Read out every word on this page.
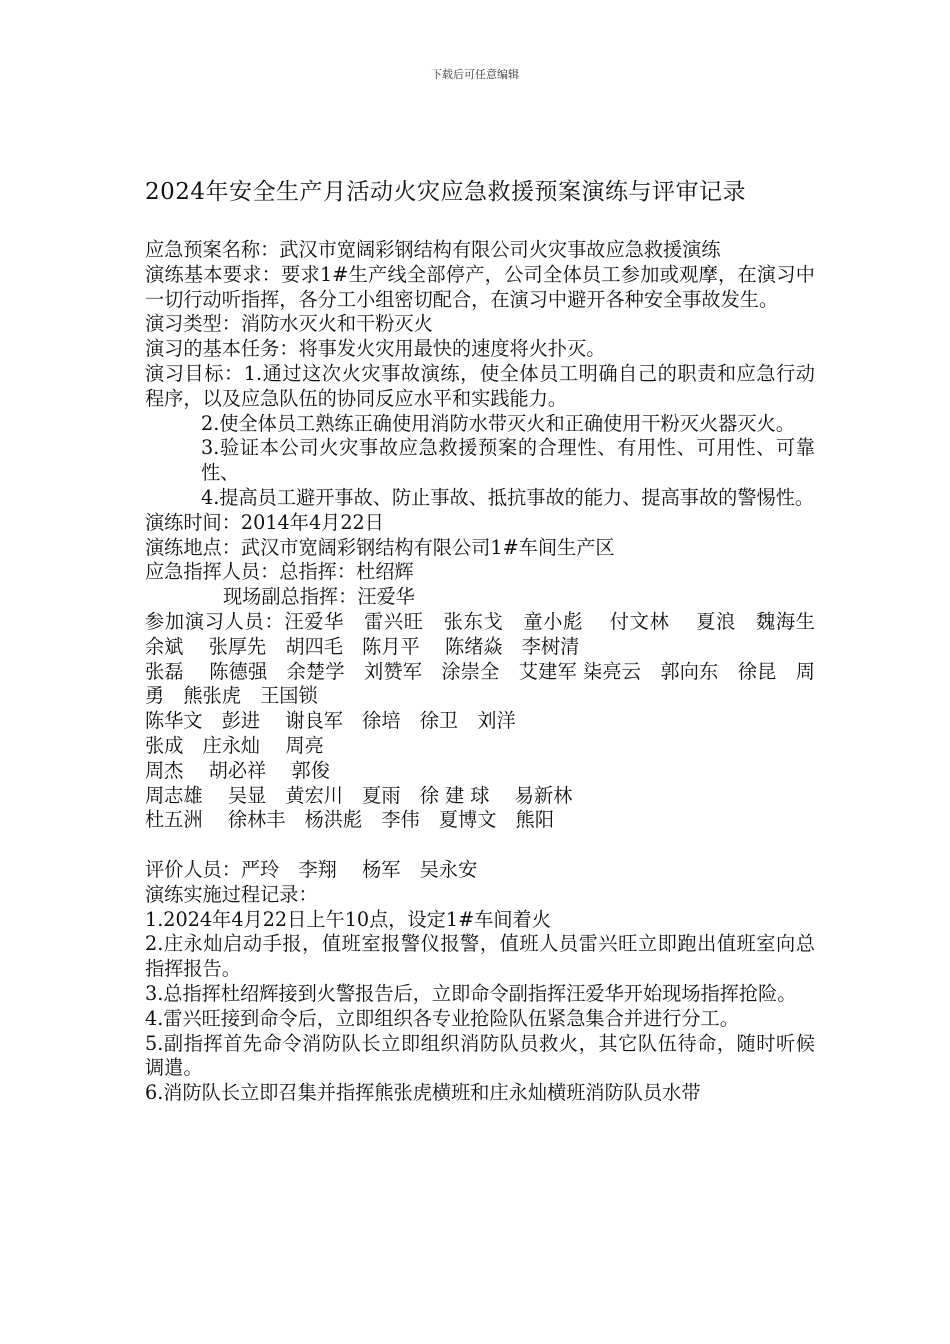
下载后可任意编辑
2024年安全生产月活动火灾应急救援预案演练与评审记录

应急预案名称：武汉市宽阔彩钢结构有限公司火灾事故应急救援演练

演练基本要求：要求1#生产线全部停产，公司全体员工参加或观摩，在演习中一切行动听指挥，各分工小组密切配合，在演习中避开各种安全事故发生。

演习类型：消防水灭火和干粉灭火

演习的基本任务：将事发火灾用最快的速度将火扑灭。

演习目标：1.通过这次火灾事故演练，使全体员工明确自己的职责和应急行动程序，以及应急队伍的协同反应水平和实践能力。

2.使全体员工熟练正确使用消防水带灭火和正确使用干粉灭火器灭火。

3.验证本公司火灾事故应急救援预案的合理性、有用性、可用性、可靠性、

4.提高员工避开事故、防止事故、抵抗事故的能力、提高事故的警惕性。

演练时间：2014年4月22日

演练地点：武汉市宽阔彩钢结构有限公司1#车间生产区

应急指挥人员：总指挥：杜绍辉

现场副总指挥：汪爱华

参加演习人员：汪爱华　雷兴旺　张东戈　童小彪　 付文林　 夏浪　魏海生　余斌　 张厚先　胡四毛　陈月平　 陈绪焱　李树清

张磊　 陈德强　余楚学　刘赞军　涂崇全　艾建军 柒亮云　郭向东　徐昆　周勇　熊张虎　王国锁

陈华文　彭进　 谢良军　徐培　徐卫　刘洋

张成　庄永灿　 周亮

周杰　 胡必祥　 郭俊

周志雄　 吴显　黄宏川　夏雨　徐 建 球　 易新林

杜五洲　 徐林丰　杨洪彪　李伟　夏博文　熊阳

评价人员：严玲　李翔　 杨军　吴永安

演练实施过程记录：

1.2024年4月22日上午10点，设定1#车间着火

2.庄永灿启动手报，值班室报警仪报警，值班人员雷兴旺立即跑出值班室向总指挥报告。

3.总指挥杜绍辉接到火警报告后，立即命令副指挥汪爱华开始现场指挥抢险。

4.雷兴旺接到命令后，立即组织各专业抢险队伍紧急集合并进行分工。

5.副指挥首先命令消防队长立即组织消防队员救火，其它队伍待命，随时听候调遣。

6.消防队长立即召集并指挥熊张虎横班和庄永灿横班消防队员水带
